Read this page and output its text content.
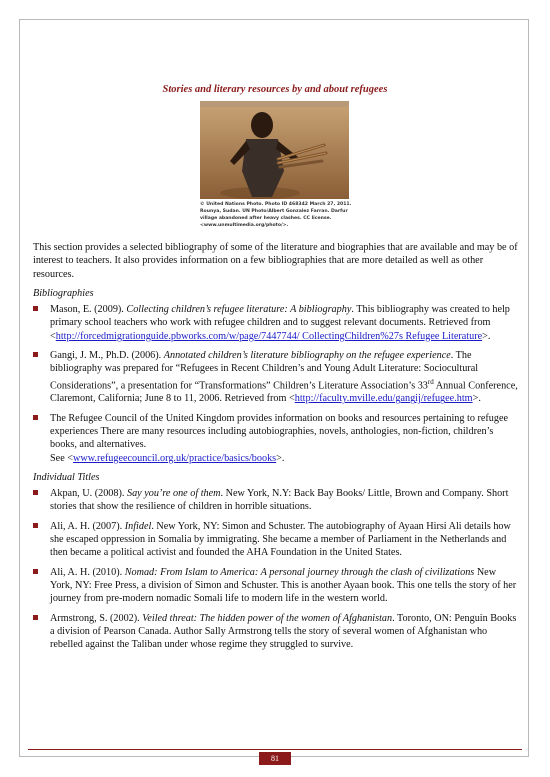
Stories and literary resources by and about refugees
© United Nations Photo. Photo ID 468342 March 27, 2011. Rounya, Sudan. UN Photo/Albert Gonzalez Farran. Darfur village abandoned after heavy clashes. CC license. <www.unmultimedia.org/photo/>.

This section provides a selected bibliography of some of the literature and biographies that are available and may be of interest to teachers. It also provides information on a few bibliographies that are more detailed as well as other resources.

Bibliographies

Mason, E. (2009). Collecting children’s refugee literature: A bibliography. This bibliography was created to help primary school teachers who work with refugee children and to suggest relevant documents. Retrieved from <http://forcedmigrationguide.pbworks.com/w/page/7447744/ CollectingChildren%27s Refugee Literature>.
Gangi, J. M., Ph.D. (2006). Annotated children’s literature bibliography on the refugee experience. The bibliography was prepared for “Refugees in Recent Children’s and Young Adult Literature: Sociocultural Considerations”, a presentation for “Transformations” Children’s Literature Association’s 33rd Annual Conference, Claremont, California; June 8 to 11, 2006. Retrieved from <http://faculty.mville.edu/gangij/refugee.htm>.
The Refugee Council of the United Kingdom provides information on books and resources pertaining to refugee experiences There are many resources including autobiographies, novels, anthologies, non-fiction, children’s books, and alternatives.
See <www.refugeecouncil.org.uk/practice/basics/books>.

Individual Titles

Akpan, U. (2008). Say you’re one of them. New York, N.Y: Back Bay Books/ Little, Brown and Company. Short stories that show the resilience of children in horrible situations.
Ali, A. H. (2007). Infidel. New York, NY: Simon and Schuster. The autobiography of Ayaan Hirsi Ali details how she escaped oppression in Somalia by immigrating. She became a member of Parliament in the Netherlands and then became a political activist and founded the AHA Foundation in the United States.
Ali, A. H. (2010). Nomad: From Islam to America: A personal journey through the clash of civilizations New York, NY: Free Press, a division of Simon and Schuster. This is another Ayaan book. This one tells the story of her journey from pre-modern nomadic Somali life to modern life in the western world.
Armstrong, S. (2002). Veiled threat: The hidden power of the women of Afghanistan. Toronto, ON: Penguin Books a division of Pearson Canada. Author Sally Armstrong tells the story of several women of Afghanistan who rebelled against the Taliban under whose regime they struggled to survive.
81
